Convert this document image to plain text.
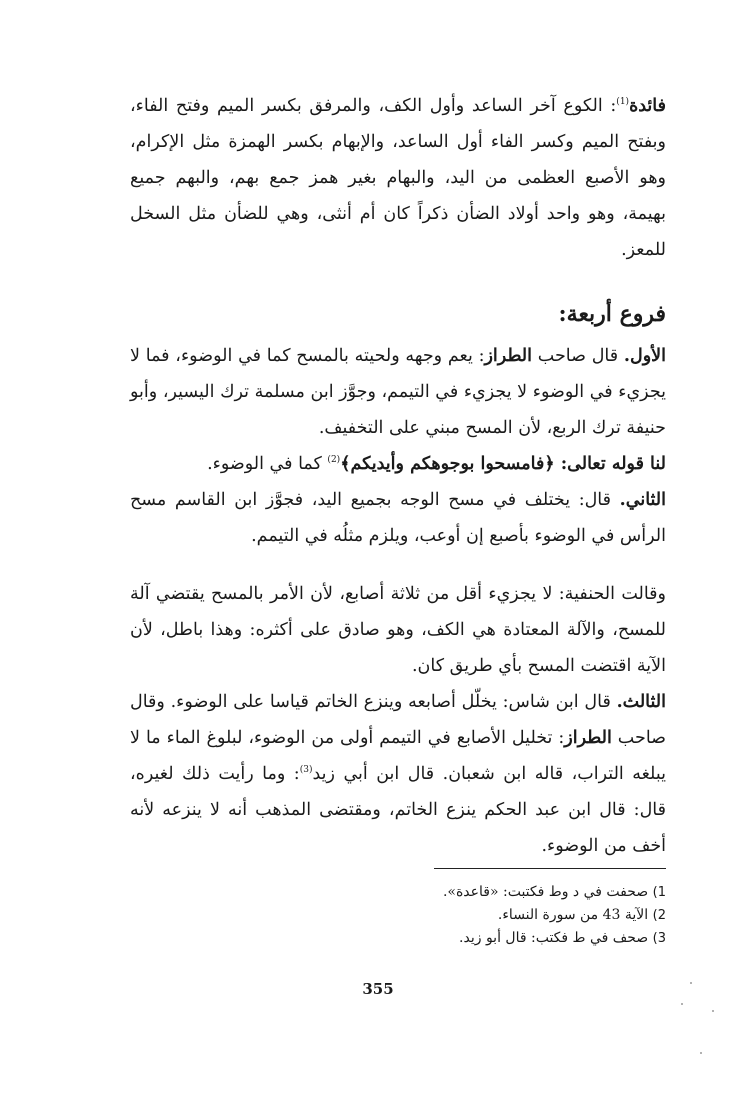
فائدة$^{(1)}$: الكوع آخر الساعد وأول الكف، والمرفق بكسر الميم وفتح الفاء، وبفتح الميم وكسر الفاء أول الساعد، والإبهام بكسر الهمزة مثل الإكرام، وهو الأصبع العظمى من اليد، والبهام بغير همز جمع بهم، والبهم جميع بهيمة، وهو واحد أولاد الضأن ذكراً كان أم أنثى، وهي للضأن مثل السخل للمعز.

فروع أربعة:

الأول. قال صاحب الطراز: يعم وجهه ولحيته بالمسح كما في الوضوء، فما لا يجزيء في الوضوء لا يجزيء في التيمم، وجوَّز ابن مسلمة ترك اليسير، وأبو حنيفة ترك الربع، لأن المسح مبني على التخفيف.

لنا قوله تعالى: ﴿فامسحوا بوجوهكم وأيديكم﴾$^{(2)}$ كما في الوضوء.

الثاني. قال: يختلف في مسح الوجه بجميع اليد، فجوَّز ابن القاسم مسح الرأس في الوضوء بأصبع إن أوعب، ويلزم مثلُه في التيمم.

وقالت الحنفية: لا يجزيء أقل من ثلاثة أصابع، لأن الأمر بالمسح يقتضي آلة للمسح، والآلة المعتادة هي الكف، وهو صادق على أكثره: وهذا باطل، لأن الآية اقتضت المسح بأي طريق كان.

الثالث. قال ابن شاس: يخلّل أصابعه وينزع الخاتم قياسا على الوضوء. وقال صاحب الطراز: تخليل الأصابع في التيمم أولى من الوضوء، لبلوغ الماء ما لا يبلغه التراب، قاله ابن شعبان. قال ابن أبي زيد$^{(3)}$: وما رأيت ذلك لغيره، قال: قال ابن عبد الحكم ينزع الخاتم، ومقتضى المذهب أنه لا ينزعه لأنه أخف من الوضوء.

1) صحفت في د وط فكتبت: «قاعدة».

2) الآية 43 من سورة النساء.

3) صحف في ط فكتب: قال أبو زيد.

355
